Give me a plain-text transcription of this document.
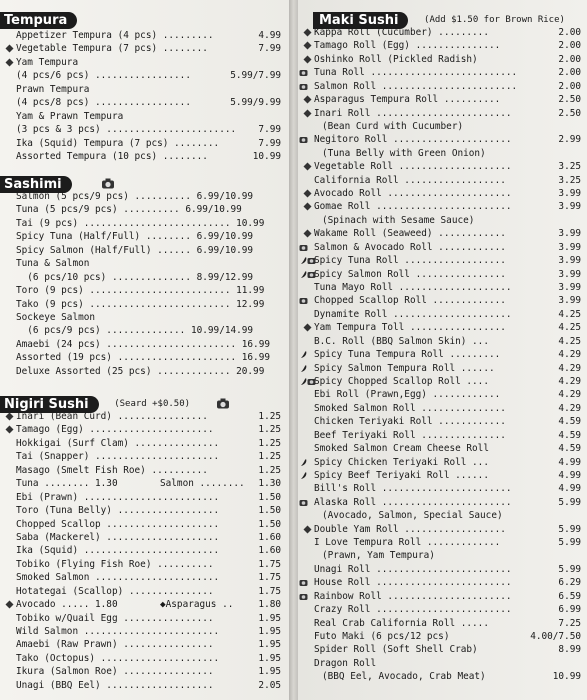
Tempura
Appetizer Tempura (4 pcs) .........	4.99
Vegetable Tempura (7 pcs) ........	7.99
Yam Tempura
(4 pcs/6 pcs) .................	5.99/7.99
Prawn Tempura
(4 pcs/8 pcs) .................	5.99/9.99
Yam & Prawn Tempura
(3 pcs & 3 pcs) ....................... 7.99
Ika (Squid) Tempura (7 pcs) ........	7.99
Assorted Tempura (10 pcs) ........	10.99
Sashimi
Salmon (5 pcs/9 pcs) .......... 6.99/10.99
Tuna (5 pcs/9 pcs) .......... 6.99/10.99
Tai (9 pcs) .......................... 10.99
Spicy Tuna (Half/Full) ........ 6.99/10.99
Spicy Salmon (Half/Full) ...... 6.99/10.99
Tuna & Salmon
(6 pcs/10 pcs) .............. 8.99/12.99
Toro (9 pcs) ......................... 11.99
Tako (9 pcs) ......................... 12.99
Sockeye Salmon
(6 pcs/9 pcs) .............. 10.99/14.99
Amaebi (24 pcs) ....................... 16.99
Assorted (19 pcs) ..................... 16.99
Deluxe Assorted (25 pcs) ............. 20.99
Nigiri Sushi	(Seard +$0.50)
Inari (Bean Curd) ................	1.25
Tamago (Egg) ......................	1.25
Hokkigai (Surf Clam) ...............	1.25
Tai (Snapper) ......................	1.25
Masago (Smelt Fish Roe) ..........	1.25
Tuna ........ 1.30	Salmon ........ 1.30
Ebi (Prawn) ........................	1.50
Toro (Tuna Belly) ..................	1.50
Chopped Scallop ....................	1.50
Saba (Mackerel) ....................	1.60
Ika (Squid) ........................	1.60
Tobiko (Flying Fish Roe) ..........	1.75
Smoked Salmon ......................	1.75
Hotategai (Scallop) ...............	1.75
Avocado ..... 1.80	◆Asparagus ..	1.80
Tobiko w/Quail Egg ................	1.95
Wild Salmon ........................	1.95
Amaebi (Raw Prawn) ................	1.95
Tako (Octopus) .....................	1.95
Ikura (Salmon Roe) ................	1.95
Unagi (BBQ Eel) ...................	2.05
Maki Sushi	(Add $1.50 for Brown Rice)
Kappa Roll (Cucumber) .........	2.00
Tamago Roll (Egg) ...............	2.00
Oshinko Roll (Pickled Radish)	2.00
Tuna Roll ..........................	2.00
Salmon Roll ........................	2.00
Asparagus Tempura Roll ..........	2.50
Inari Roll ........................	2.50
(Bean Curd with Cucumber)
Negitoro Roll .....................	2.99
(Tuna Belly with Green Onion)
Vegetable Roll ....................	3.25
California Roll ..................	3.25
Avocado Roll ......................	3.99
Gomae Roll ........................	3.99
(Spinach with Sesame Sauce)
Wakame Roll (Seaweed) ............	3.99
Salmon & Avocado Roll ............	3.99
Spicy Tuna Roll ..................	3.99
Spicy Salmon Roll ................	3.99
Tuna Mayo Roll ....................	3.99
Chopped Scallop Roll .............	3.99
Dynamite Roll .....................	4.25
Yam Tempura Toll .................	4.25
B.C. Roll (BBQ Salmon Skin) ...	4.25
Spicy Tuna Tempura Roll .........	4.29
Spicy Salmon Tempura Roll ......	4.29
Spicy Chopped Scallop Roll ....	4.29
Ebi Roll (Prawn,Egg) ............	4.29
Smoked Salmon Roll ...............	4.29
Chicken Teriyaki Roll ............	4.59
Beef Teriyaki Roll ...............	4.59
Smoked Salmon Cream Cheese Roll	4.59
Spicy Chicken Teriyaki Roll ...	4.99
Spicy Beef Teriyaki Roll ......	4.99
Bill's Roll .......................	4.99
Alaska Roll .......................	5.99
(Avocado, Salmon, Special Sauce)
Double Yam Roll ..................	5.99
I Love Tempura Roll .............	5.99
(Prawn, Yam Tempura)
Unagi Roll ........................	5.99
House Roll ........................	6.29
Rainbow Roll ......................	6.59
Crazy Roll ........................	6.99
Real Crab California Roll .....	7.25
Futo Maki (6 pcs/12 pcs)	4.00/7.50
Spider Roll (Soft Shell Crab)	8.99
Dragon Roll
(BBQ Eel, Avocado, Crab Meat)	10.99
